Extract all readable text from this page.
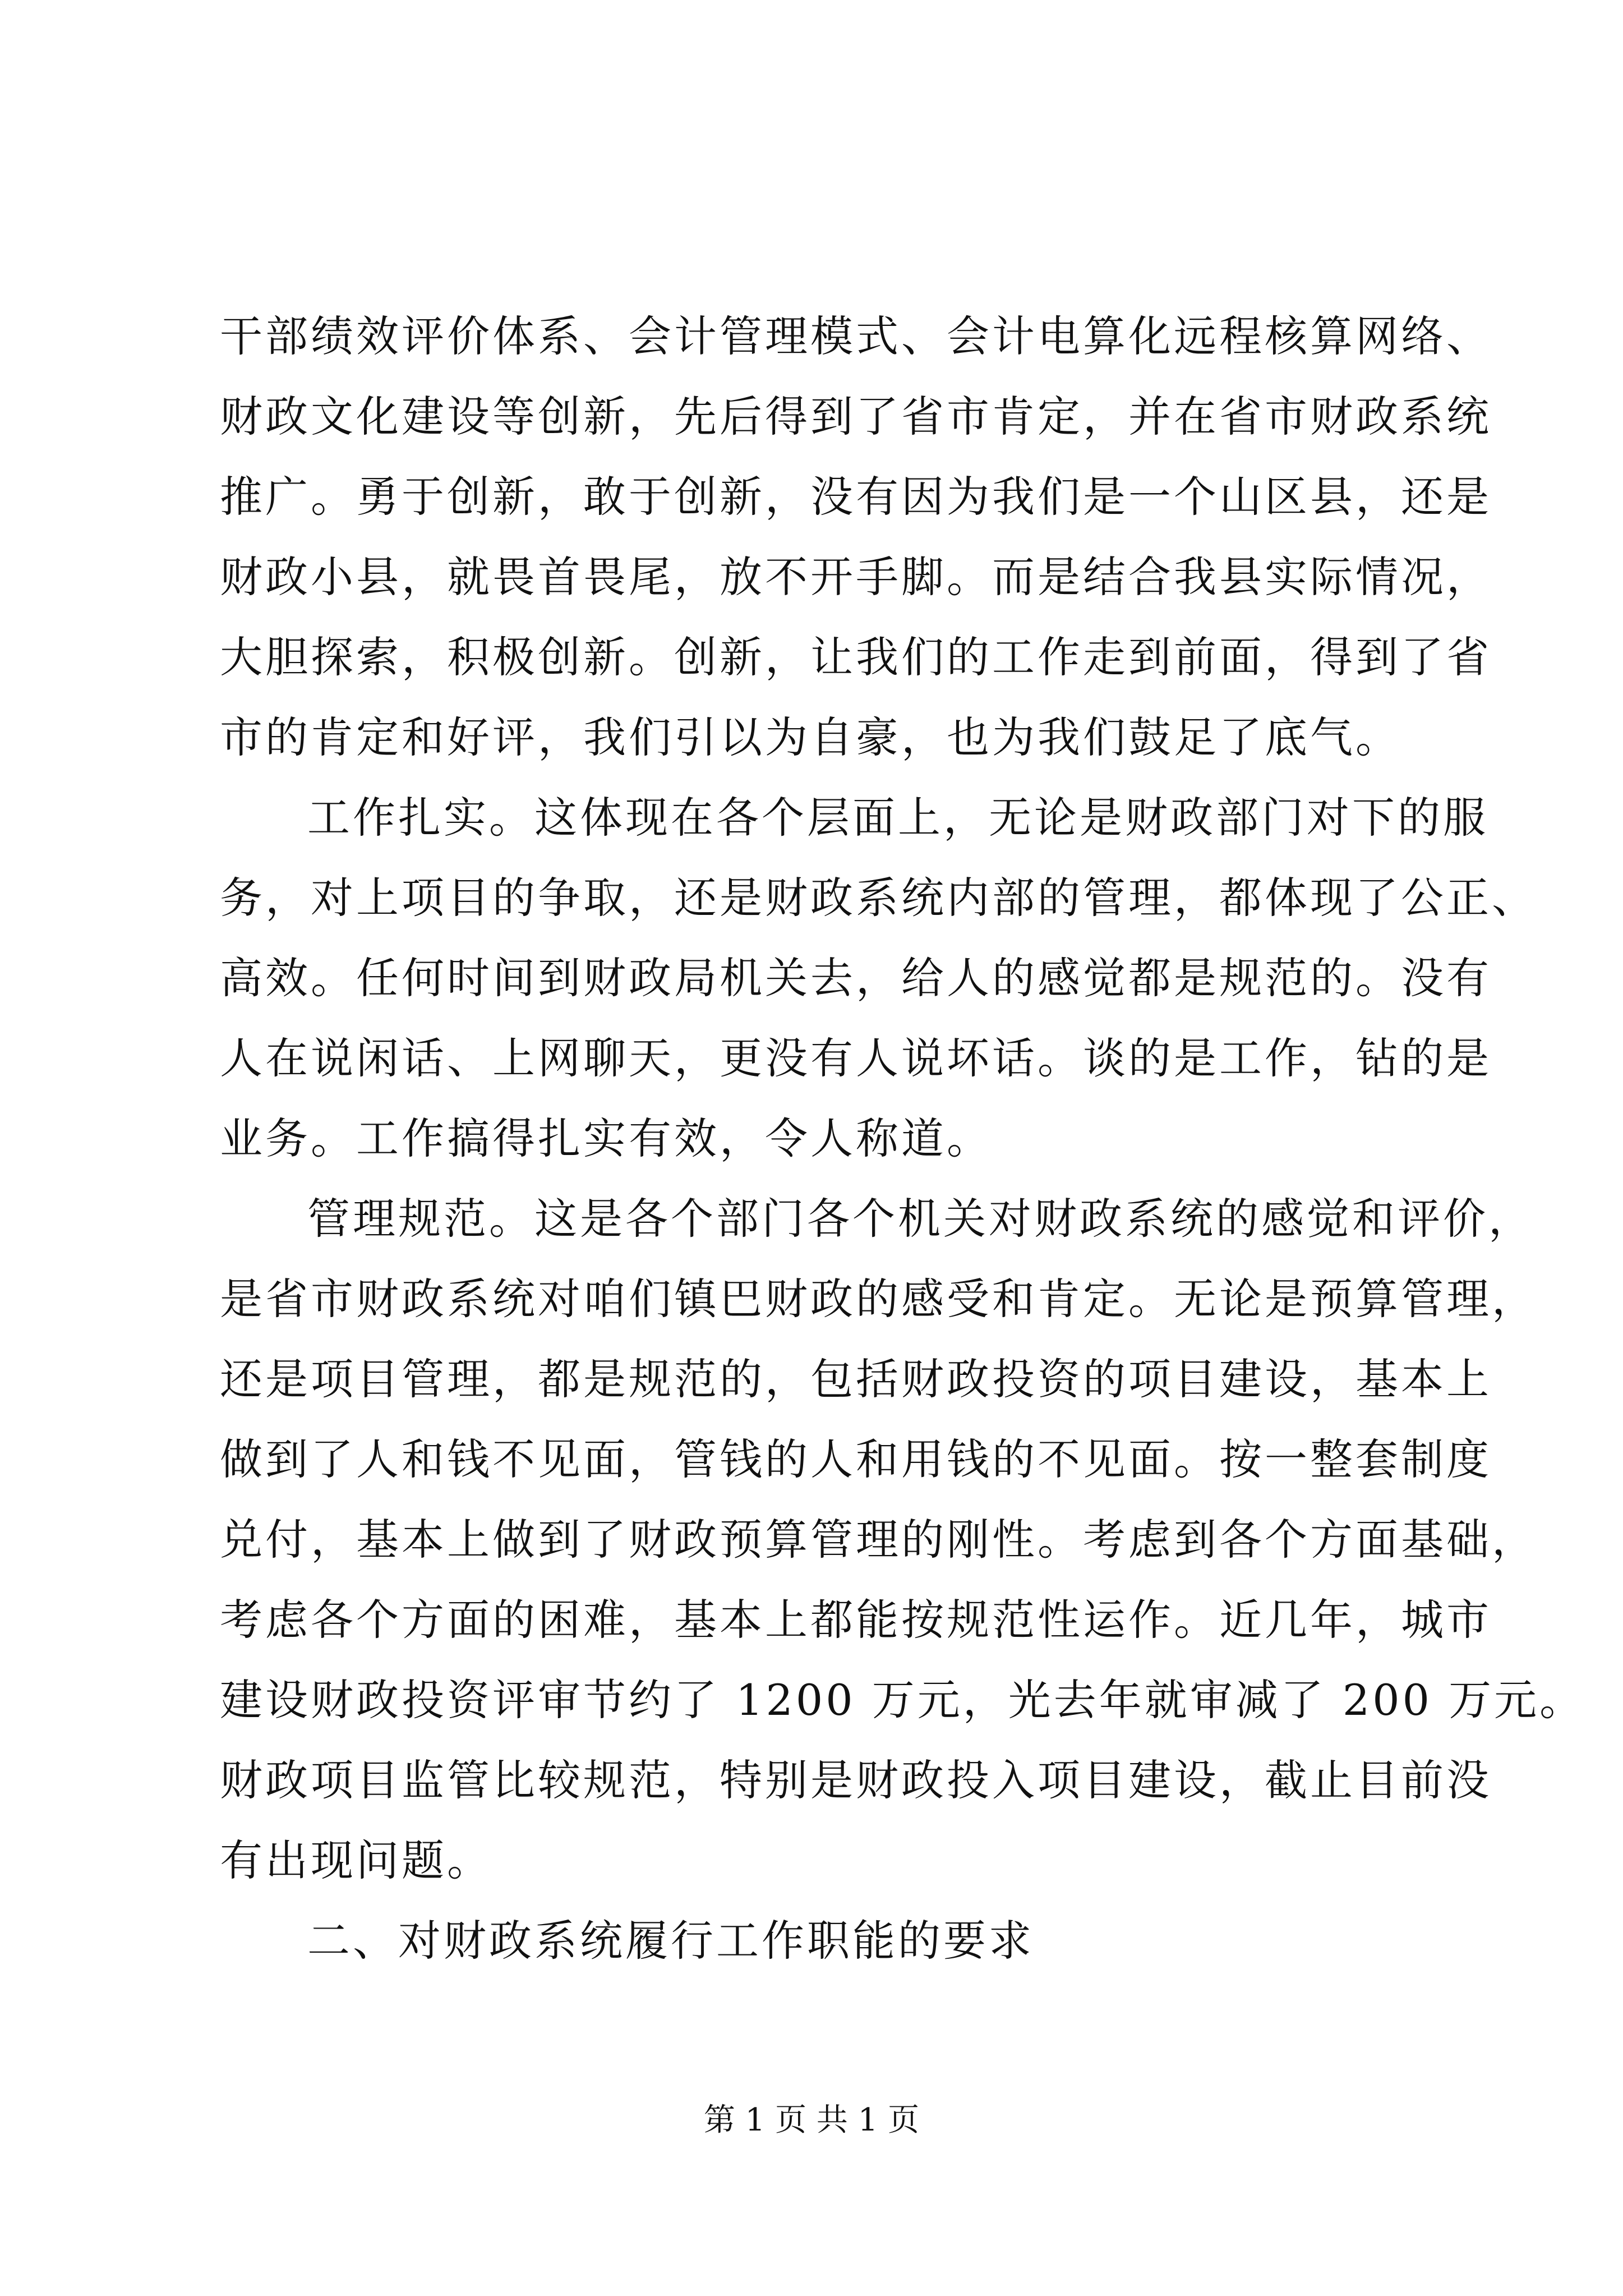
干部绩效评价体系、会计管理模式、会计电算化远程核算网络、
财政文化建设等创新，先后得到了省市肯定，并在省市财政系统
推广。勇于创新，敢于创新，没有因为我们是一个山区县，还是
财政小县，就畏首畏尾，放不开手脚。而是结合我县实际情况，
大胆探索，积极创新。创新，让我们的工作走到前面，得到了省
市的肯定和好评，我们引以为自豪，也为我们鼓足了底气。
工作扎实。这体现在各个层面上，无论是财政部门对下的服
务，对上项目的争取，还是财政系统内部的管理，都体现了公正、
高效。任何时间到财政局机关去，给人的感觉都是规范的。没有
人在说闲话、上网聊天，更没有人说坏话。谈的是工作，钻的是
业务。工作搞得扎实有效，令人称道。
管理规范。这是各个部门各个机关对财政系统的感觉和评价，
是省市财政系统对咱们镇巴财政的感受和肯定。无论是预算管理，
还是项目管理，都是规范的，包括财政投资的项目建设，基本上
做到了人和钱不见面，管钱的人和用钱的不见面。按一整套制度
兑付，基本上做到了财政预算管理的刚性。考虑到各个方面基础，
考虑各个方面的困难，基本上都能按规范性运作。近几年，城市
建设财政投资评审节约了 1200 万元，光去年就审减了 200 万元。
财政项目监管比较规范，特别是财政投入项目建设，截止目前没
有出现问题。
二、对财政系统履行工作职能的要求
第 1 页 共 1 页
